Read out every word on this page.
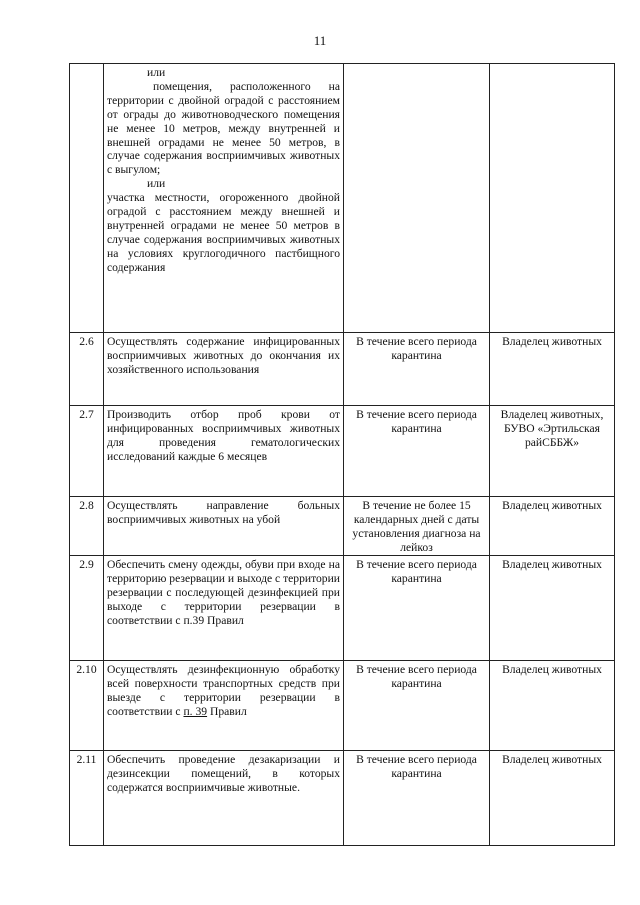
11

	или
помещения, расположенного на территории с двойной оградой с расстоянием от ограды до животноводческого помещения не менее 10 метров, между внутренней и внешней оградами не менее 50 метров, в случае содержания восприимчивых животных с выгулом;
или
участка местности, огороженного двойной оградой с расстоянием между внешней и внутренней оградами не менее 50 метров в случае содержания восприимчивых животных на условиях круглогодичного пастбищного содержания		

2.6	Осуществлять содержание инфицированных восприимчивых животных до окончания их хозяйственного использования	В течение всего периода карантина	Владелец животных
2.7	Производить отбор проб крови от инфицированных восприимчивых животных для проведения гематологических исследований каждые 6 месяцев	В течение всего периода карантина	Владелец животных, БУВО «Эртильская райСББЖ»
2.8	Осуществлять направление больных восприимчивых животных на убой	В течение не более 15 календарных дней с даты установления диагноза на лейкоз	Владелец животных
2.9	Обеспечить смену одежды, обуви при входе на территорию резервации и выходе с территории резервации с последующей дезинфекцией при выходе с территории резервации в соответствии с п.39 Правил	В течение всего периода карантина	Владелец животных
2.10	Осуществлять дезинфекционную обработку всей поверхности транспортных средств при выезде с территории резервации в соответствии с п. 39 Правил	В течение всего периода карантина	Владелец животных
2.11	Обеспечить проведение дезакаризации и дезинсекции помещений, в которых содержатся восприимчивые животные.	В течение всего периода карантина	Владелец животных
